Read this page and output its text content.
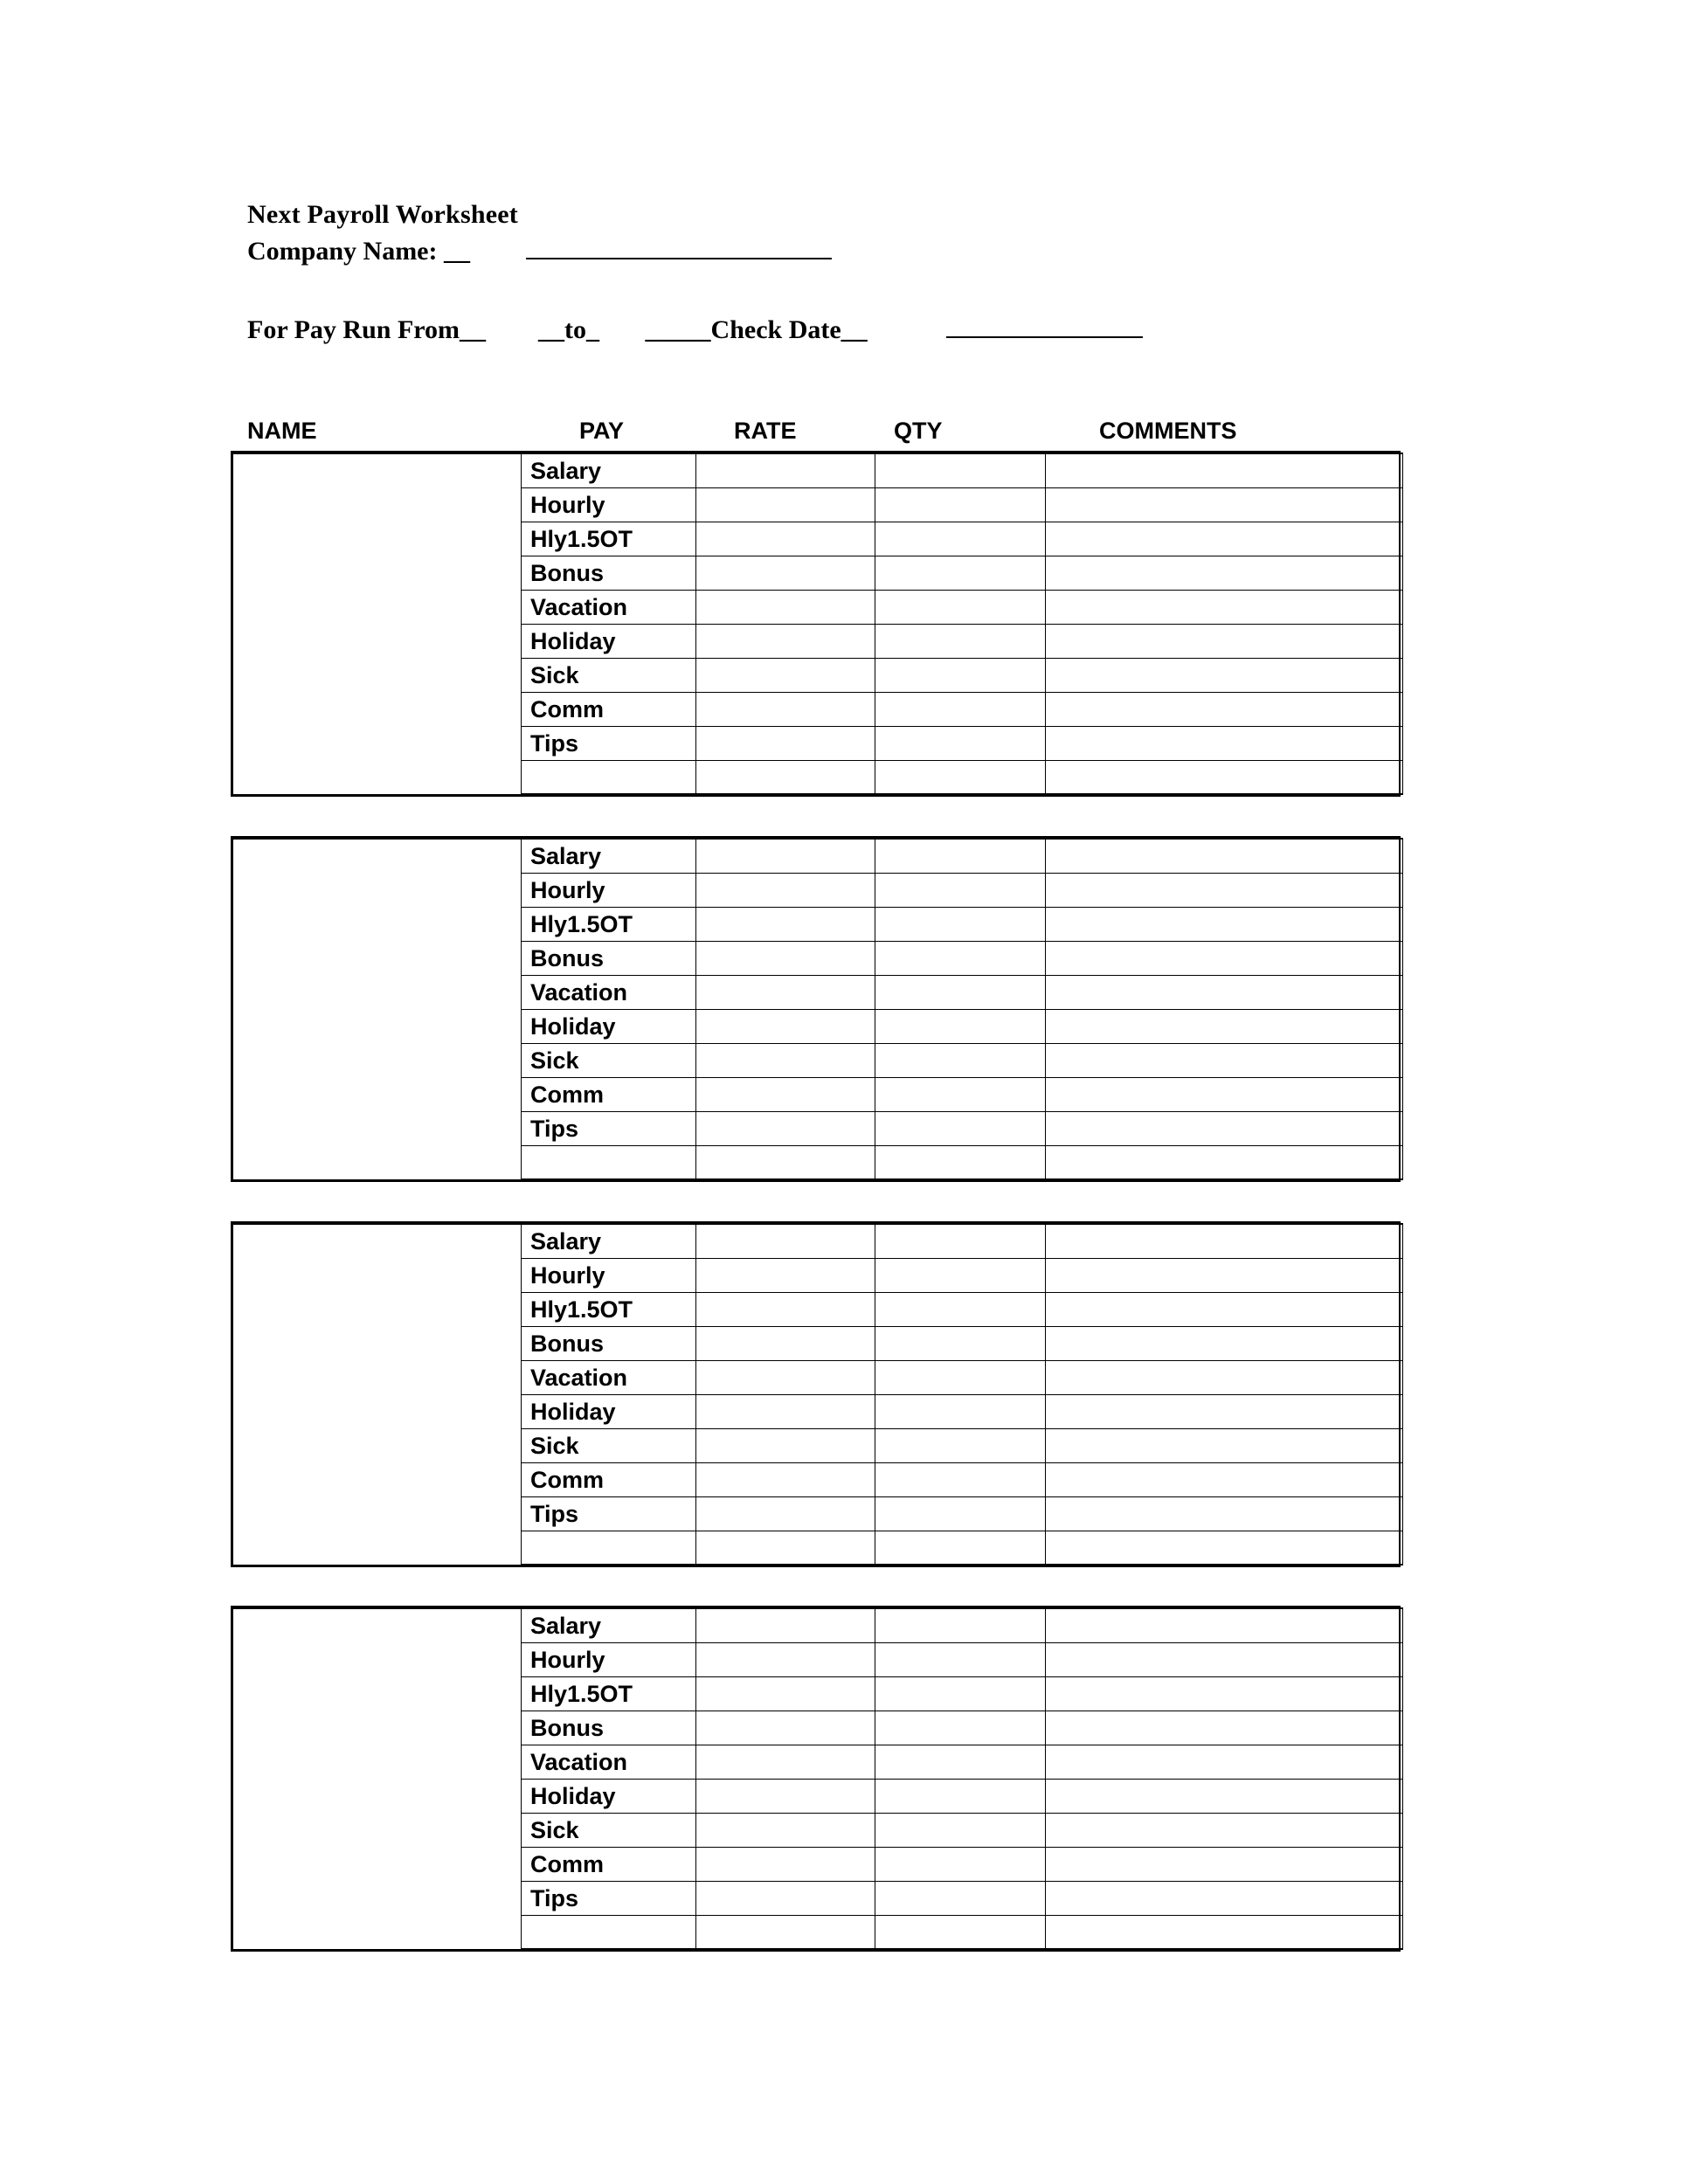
Next Payroll Worksheet
Company Name: __
For Pay Run From__        __to_       _____Check Date__
NAME	PAY	RATE	QTY	COMMENTS
	Salary			
	Hourly			
	Hly1.5OT			
	Bonus			
	Vacation			
	Holiday			
	Sick			
	Comm			
	Tips			

	Salary			
	Hourly			
	Hly1.5OT			
	Bonus			
	Vacation			
	Holiday			
	Sick			
	Comm			
	Tips			

	Salary			
	Hourly			
	Hly1.5OT			
	Bonus			
	Vacation			
	Holiday			
	Sick			
	Comm			
	Tips			

	Salary			
	Hourly			
	Hly1.5OT			
	Bonus			
	Vacation			
	Holiday			
	Sick			
	Comm			
	Tips			
